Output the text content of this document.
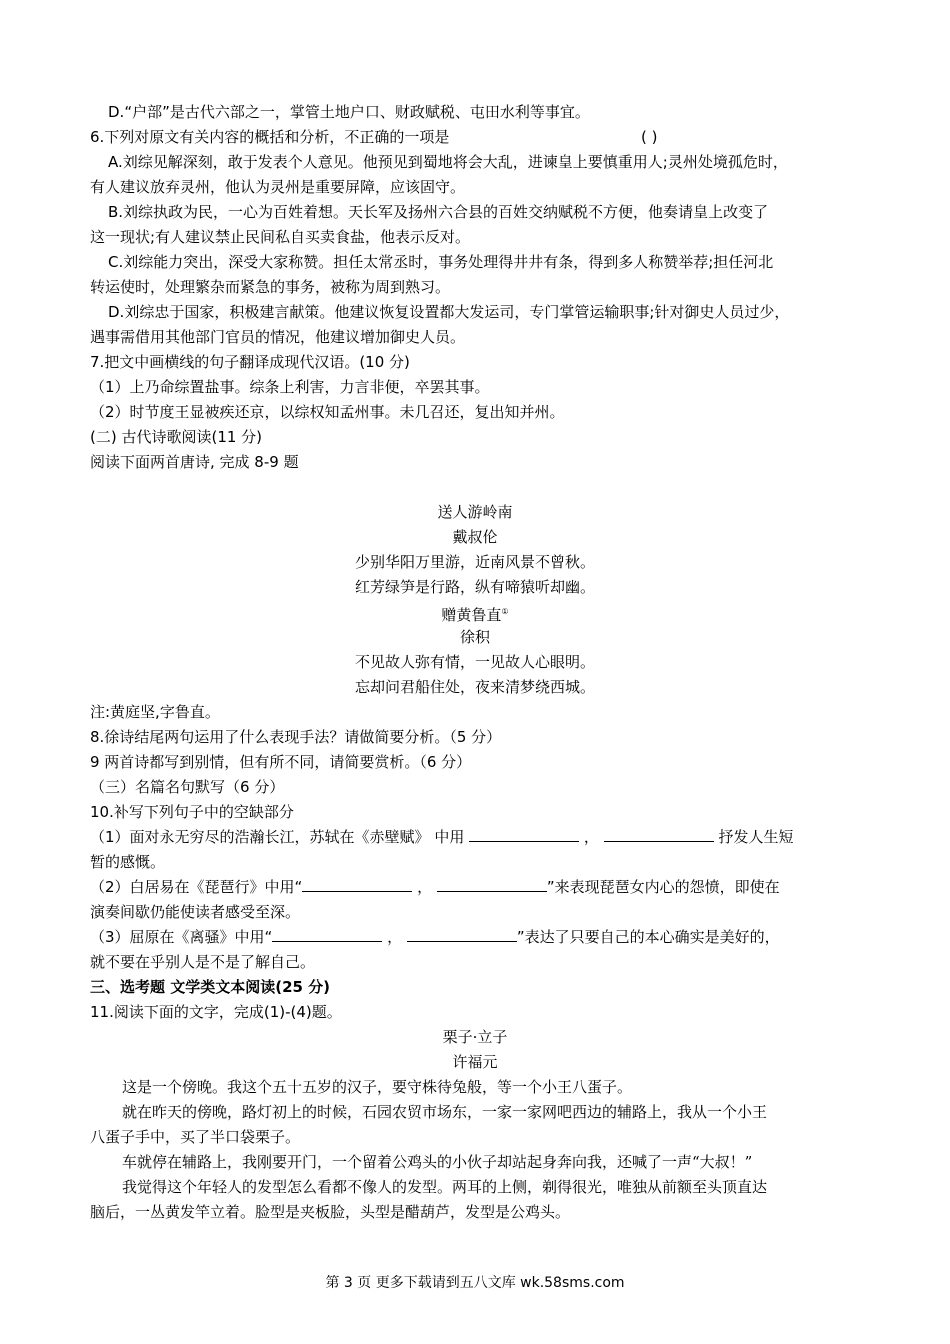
D.“户部”是古代六部之一，掌管土地户口、财政赋税、屯田水利等事宜。
6.下列对原文有关内容的概括和分析，不正确的一项是	( )
A.刘综见解深刻，敢于发表个人意见。他预见到蜀地将会大乱，进谏皇上要慎重用人;灵州处境孤危时，
有人建议放弃灵州，他认为灵州是重要屏障，应该固守。
B.刘综执政为民，一心为百姓着想。天长军及扬州六合县的百姓交纳赋税不方便，他奏请皇上改变了
这一现状;有人建议禁止民间私自买卖食盐，他表示反对。
C.刘综能力突出，深受大家称赞。担任太常丞时，事务处理得井井有条，得到多人称赞举荐;担任河北
转运使时，处理繁杂而紧急的事务，被称为周到熟习。
D.刘综忠于国家，积极建言献策。他建议恢复设置都大发运司，专门掌管运输职事;针对御史人员过少，
遇事需借用其他部门官员的情况，他建议增加御史人员。
7.把文中画横线的句子翻译成现代汉语。(10 分)
（1）上乃命综置盐事。综条上利害，力言非便，卒罢其事。
（2）时节度王显被疾还京，以综权知孟州事。未几召还，复出知并州。
(二) 古代诗歌阅读(11 分)
阅读下面两首唐诗, 完成 8-9 题
送人游岭南
戴叔伦
少别华阳万里游，近南风景不曾秋。
红芳绿笋是行路，纵有啼猿听却幽。
赠黄鲁直①
徐积
不见故人弥有情，一见故人心眼明。
忘却问君船住处，夜来清梦绕西城。
注:黄庭坚,字鲁直。
8.徐诗结尾两句运用了什么表现手法？请做简要分析。（5 分）
9 两首诗都写到别情，但有所不同，请简要赏析。（6 分）
（三）名篇名句默写（6 分）
10.补写下列句子中的空缺部分
（1）面对永无穷尽的浩瀚长江，苏轼在《赤壁赋》 中用	，	抒发人生短
暂的感慨。
（2）白居易在《琵琶行》中用“	，	”来表现琵琶女内心的怨愤，即使在
演奏间歇仍能使读者感受至深。
（3）屈原在《离骚》中用“	，	”表达了只要自己的本心确实是美好的，
就不要在乎别人是不是了解自己。
三、选考题 文学类文本阅读(25 分)
11.阅读下面的文字，完成(1)-(4)题。
栗子·立子
许福元
这是一个傍晚。我这个五十五岁的汉子，要守株待兔般，等一个小王八蛋子。
就在昨天的傍晚，路灯初上的时候，石园农贸市场东，一家一家网吧西边的辅路上，我从一个小王
八蛋子手中，买了半口袋栗子。
车就停在辅路上，我刚要开门，一个留着公鸡头的小伙子却站起身奔向我，还喊了一声“大叔！”
我觉得这个年轻人的发型怎么看都不像人的发型。两耳的上侧，剃得很光，唯独从前额至头顶直达
脑后，一丛黄发竿立着。脸型是夹板脸，头型是醋葫芦，发型是公鸡头。
第 3 页 更多下载请到五八文库 wk.58sms.com
